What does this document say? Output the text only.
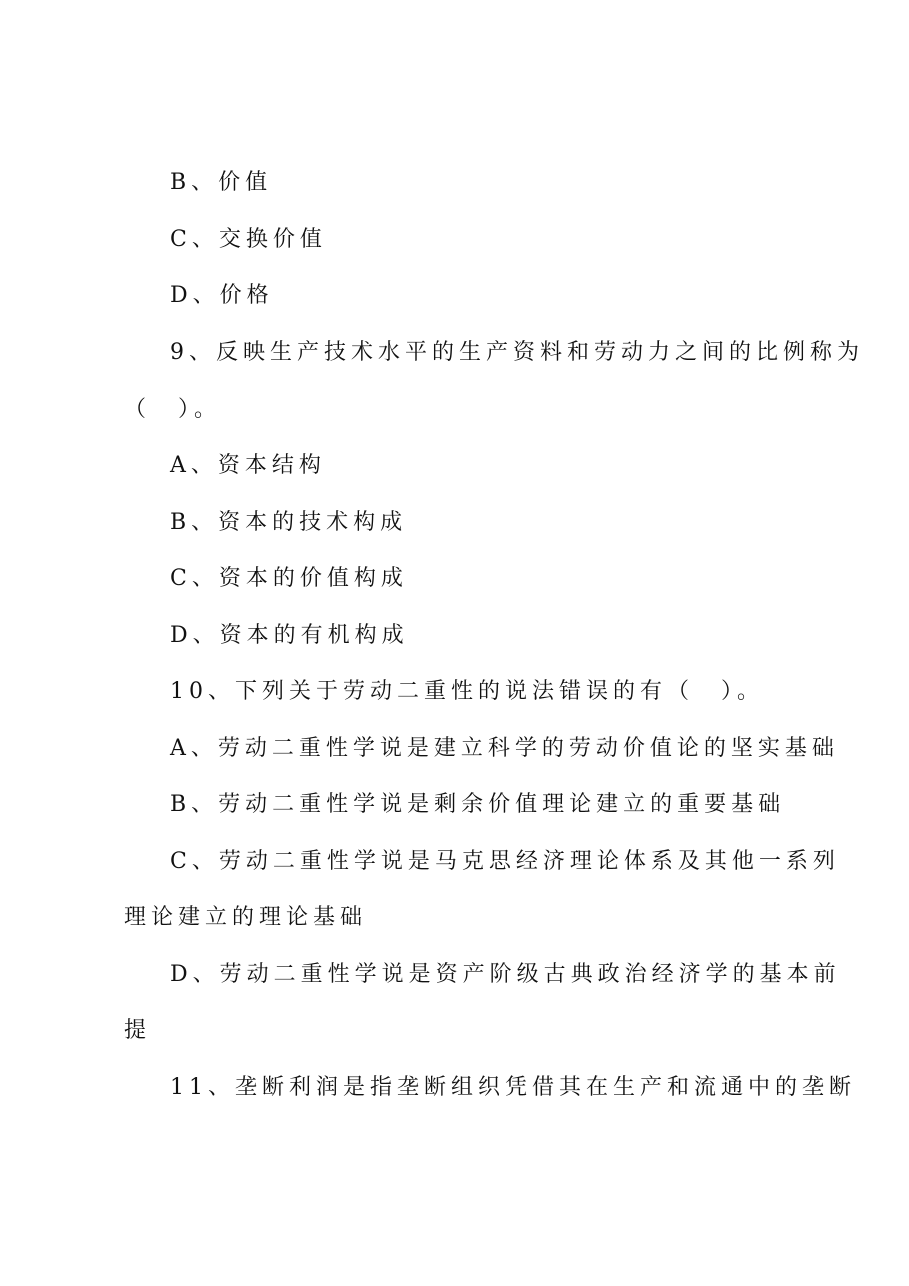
B、价值
C、交换价值
D、价格
9、反映生产技术水平的生产资料和劳动力之间的比例称为
（　）。
A、资本结构
B、资本的技术构成
C、资本的价值构成
D、资本的有机构成
10、下列关于劳动二重性的说法错误的有（　）。
A、劳动二重性学说是建立科学的劳动价值论的坚实基础
B、劳动二重性学说是剩余价值理论建立的重要基础
C、劳动二重性学说是马克思经济理论体系及其他一系列
理论建立的理论基础
D、劳动二重性学说是资产阶级古典政治经济学的基本前
提
11、垄断利润是指垄断组织凭借其在生产和流通中的垄断
